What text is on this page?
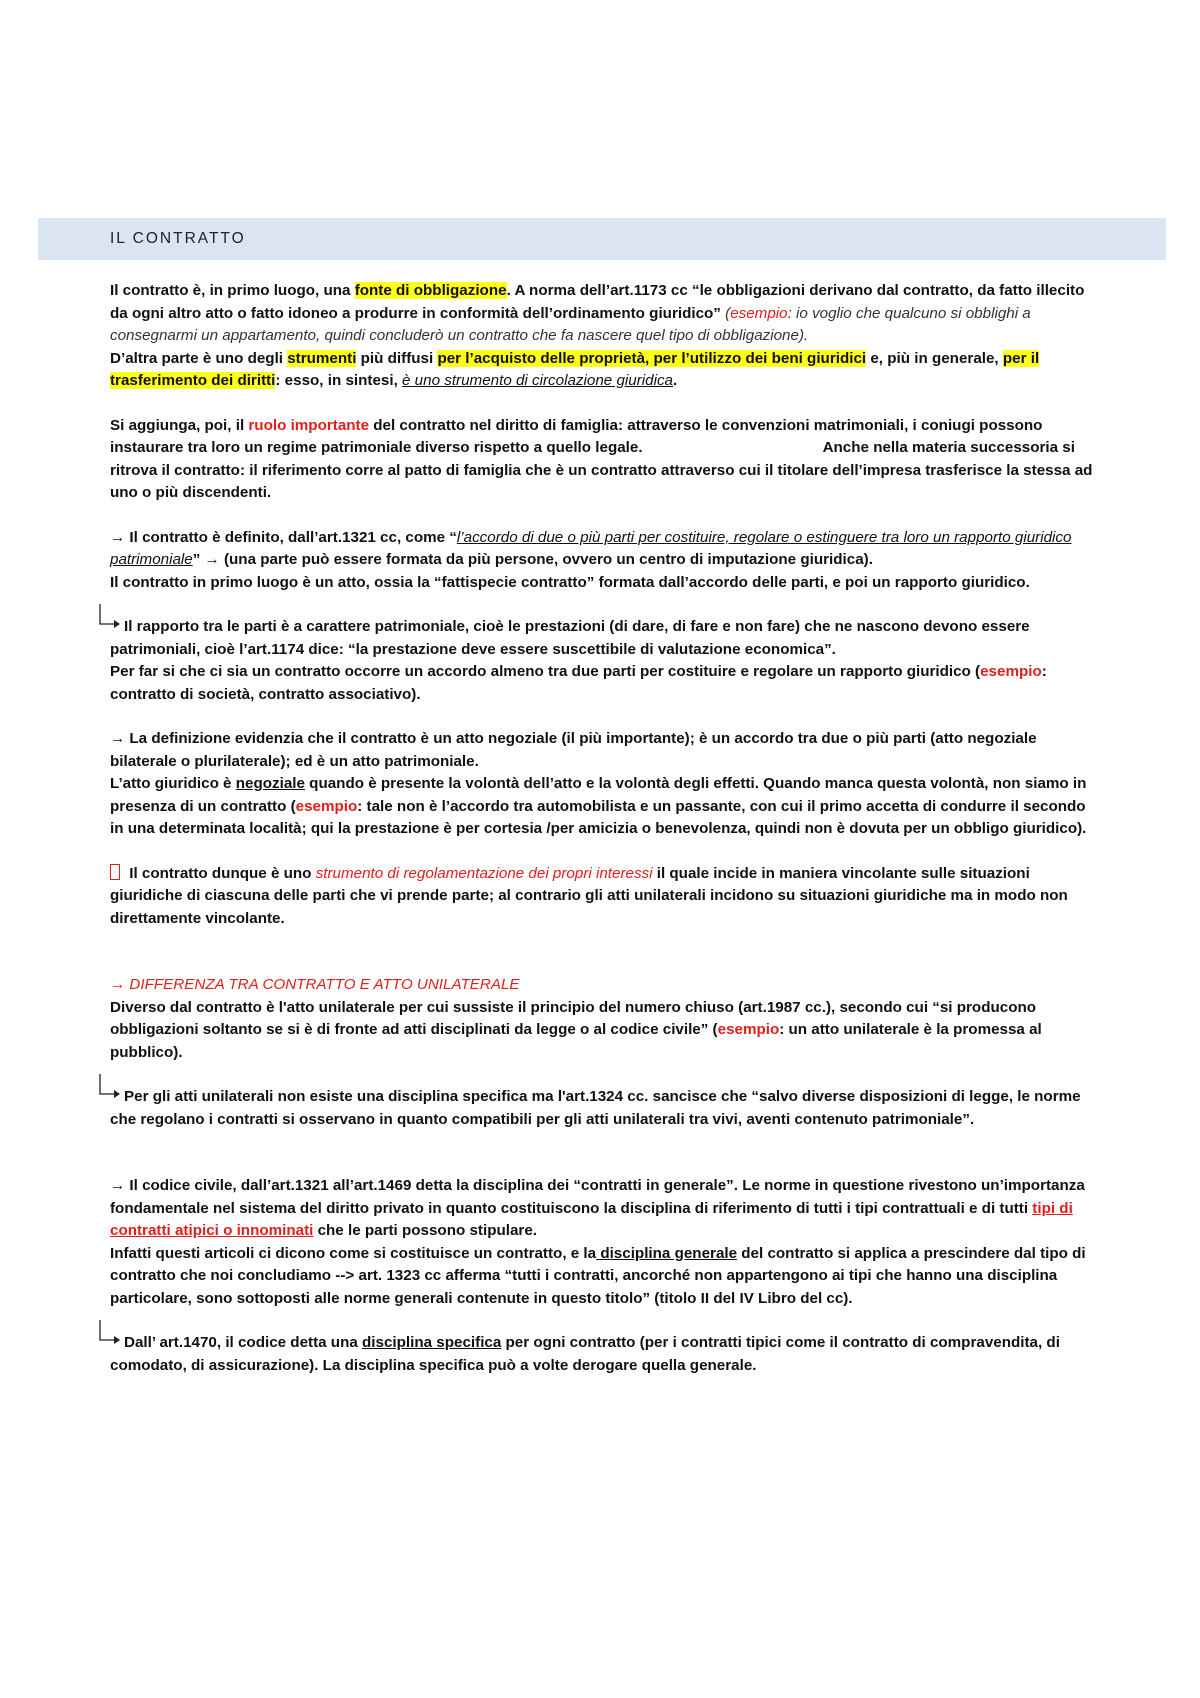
IL CONTRATTO

Il contratto è, in primo luogo, una fonte di obbligazione. A norma dell’art.1173 cc “le obbligazioni derivano dal contratto, da fatto illecito da ogni altro atto o fatto idoneo a produrre in conformità dell’ordinamento giuridico” (esempio: io voglio che qualcuno si obblighi a consegnarmi un appartamento, quindi concluderò un contratto che fa nascere quel tipo di obbligazione).

D’altra parte è uno degli strumenti più diffusi per l’acquisto delle proprietà, per l’utilizzo dei beni giuridici e, più in generale, per il trasferimento dei diritti: esso, in sintesi, è uno strumento di circolazione giuridica.

Si aggiunga, poi, il ruolo importante del contratto nel diritto di famiglia: attraverso le convenzioni matrimoniali, i coniugi possono instaurare tra loro un regime patrimoniale diverso rispetto a quello legale.	Anche nella materia successoria si ritrova il contratto: il riferimento corre al patto di famiglia che è un contratto attraverso cui il titolare dell’impresa trasferisce la stessa ad uno o più discendenti.

→ Il contratto è definito, dall’art.1321 cc, come “l’accordo di due o più parti per costituire, regolare o estinguere tra loro un rapporto giuridico patrimoniale” → (una parte può essere formata da più persone, ovvero un centro di imputazione giuridica).
Il contratto in primo luogo è un atto, ossia la “fattispecie contratto” formata dall’accordo delle parti, e poi un rapporto giuridico.

Il rapporto tra le parti è a carattere patrimoniale, cioè le prestazioni (di dare, di fare e non fare) che ne nascono devono essere patrimoniali, cioè l’art.1174 dice: “la prestazione deve essere suscettibile di valutazione economica”.
Per far si che ci sia un contratto occorre un accordo almeno tra due parti per costituire e regolare un rapporto giuridico (esempio: contratto di società, contratto associativo).

→ La definizione evidenzia che il contratto è un atto negoziale (il più importante); è un accordo tra due o più parti (atto negoziale bilaterale o plurilaterale); ed è un atto patrimoniale.
L’atto giuridico è negoziale quando è presente la volontà dell’atto e la volontà degli effetti. Quando manca questa volontà, non siamo in presenza di un contratto (esempio: tale non è l’accordo tra automobilista e un passante, con cui il primo accetta di condurre il secondo in una determinata località; qui la prestazione è per cortesia /per amicizia o benevolenza, quindi non è dovuta per un obbligo giuridico).

Il contratto dunque è uno strumento di regolamentazione dei propri interessi il quale incide in maniera vincolante sulle situazioni giuridiche di ciascuna delle parti che vi prende parte; al contrario gli atti unilaterali incidono su situazioni giuridiche ma in modo non direttamente vincolante.

→ DIFFERENZA TRA CONTRATTO E ATTO UNILATERALE
Diverso dal contratto è l'atto unilaterale per cui sussiste il principio del numero chiuso (art.1987 cc.), secondo cui “si producono obbligazioni soltanto se si è di fronte ad atti disciplinati da legge o al codice civile” (esempio: un atto unilaterale è la promessa al pubblico).

Per gli atti unilaterali non esiste una disciplina specifica ma l'art.1324 cc. sancisce che “salvo diverse disposizioni di legge, le norme che regolano i contratti si osservano in quanto compatibili per gli atti unilaterali tra vivi, aventi contenuto patrimoniale”.

→ Il codice civile, dall’art.1321 all’art.1469 detta la disciplina dei “contratti in generale”. Le norme in questione rivestono un’importanza fondamentale nel sistema del diritto privato in quanto costituiscono la disciplina di riferimento di tutti i tipi contrattuali e di tutti tipi di contratti atipici o innominati che le parti possono stipulare.
Infatti questi articoli ci dicono come si costituisce un contratto, e la disciplina generale del contratto si applica a prescindere dal tipo di contratto che noi concludiamo --> art. 1323 cc afferma “tutti i contratti, ancorché non appartengono ai tipi che hanno una disciplina particolare, sono sottoposti alle norme generali contenute in questo titolo” (titolo II del IV Libro del cc).

Dall’ art.1470, il codice detta una disciplina specifica per ogni contratto (per i contratti tipici come il contratto di compravendita, di comodato, di assicurazione). La disciplina specifica può a volte derogare quella generale.
